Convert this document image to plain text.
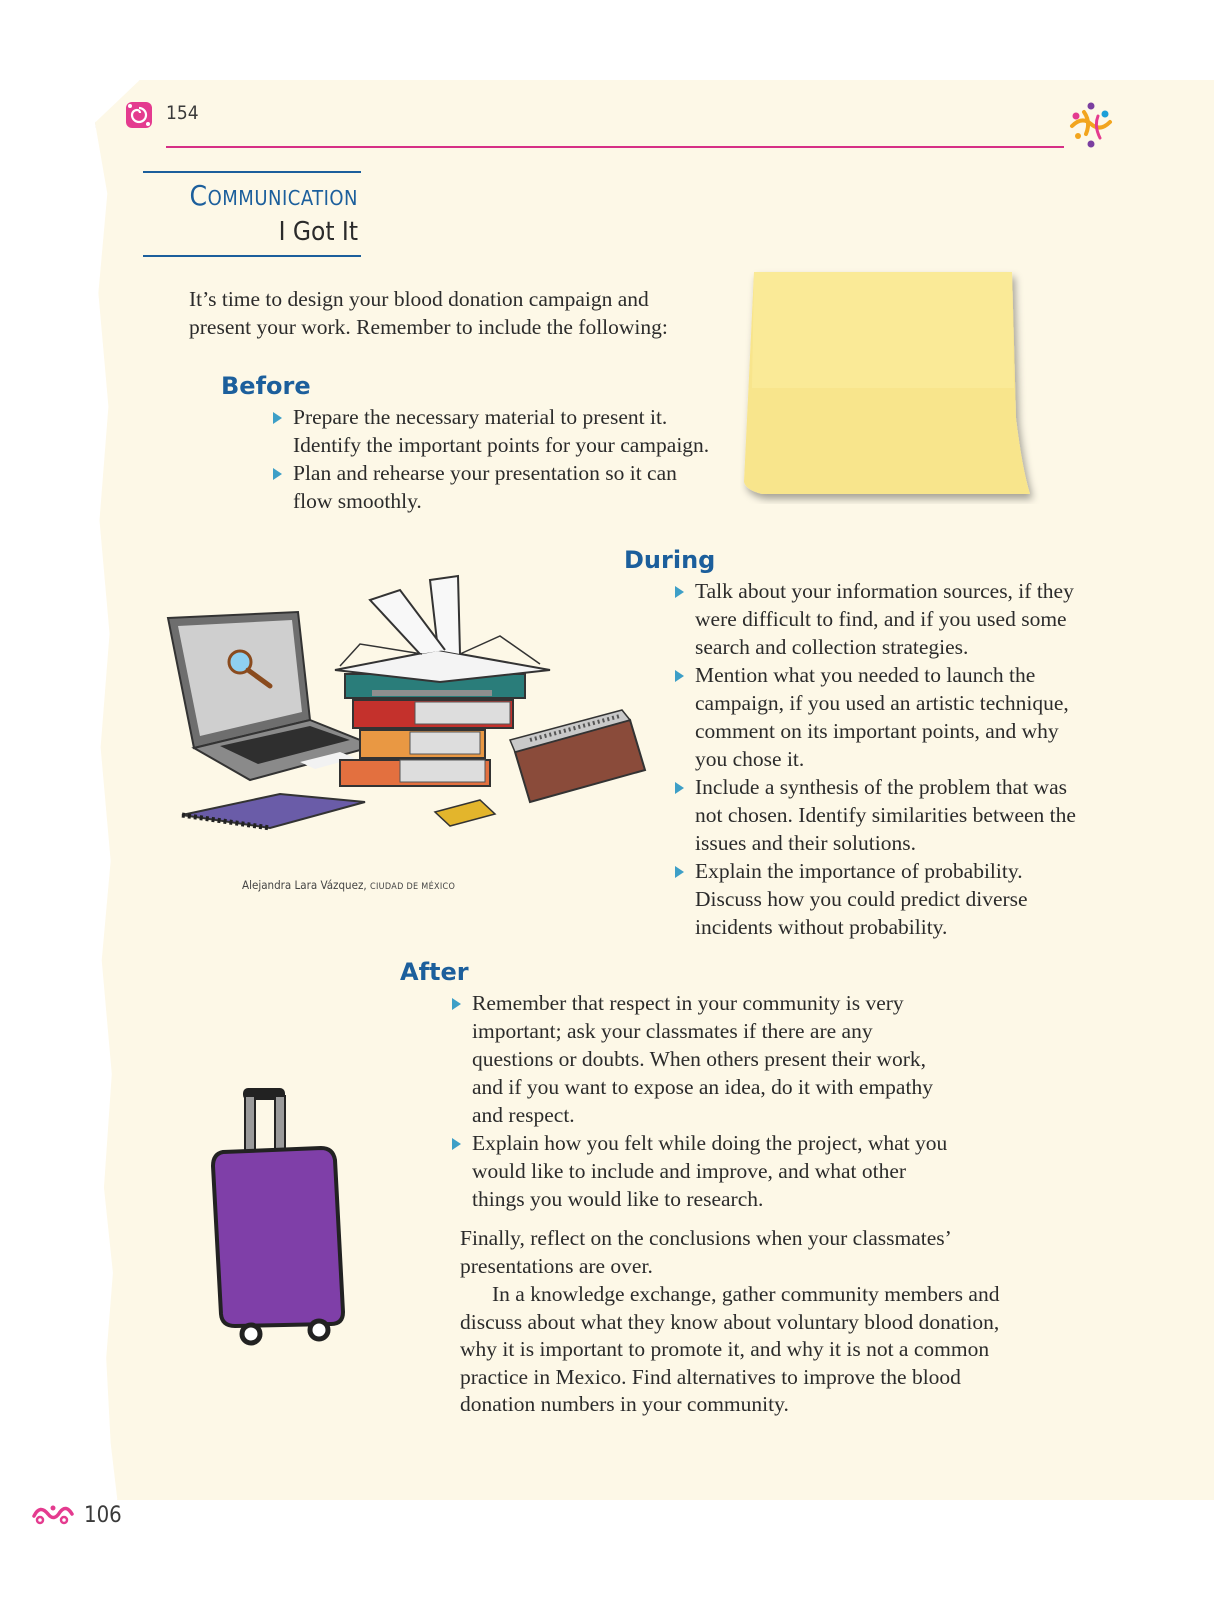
154
Communication
I Got It

It’s time to design your blood donation campaign and present your work. Remember to include the following:

Before
Prepare the necessary material to present it. Identify the important points for your campaign.
Plan and rehearse your presentation so it can flow smoothly.
During
Talk about your information sources, if they were difficult to find, and if you used some search and collection strategies.
Mention what you needed to launch the campaign, if you used an artistic technique, comment on its important points, and why you chose it.
Include a synthesis of the problem that was not chosen. Identify similarities between the issues and their solutions.
Explain the importance of probability. Discuss how you could predict diverse incidents without probability.
Alejandra Lara Vázquez, CIUDAD DE MÉXICO
After
Remember that respect in your community is very important; ask your classmates if there are any questions or doubts. When others present their work, and if you want to expose an idea, do it with empathy and respect.
Explain how you felt while doing the project, what you would like to include and improve, and what other things you would like to research.

Finally, reflect on the conclusions when your classmates’ presentations are over.

In a knowledge exchange, gather community members and discuss about what they know about voluntary blood donation, why it is important to promote it, and why it is not a common practice in Mexico. Find alternatives to improve the blood donation numbers in your community.

106
